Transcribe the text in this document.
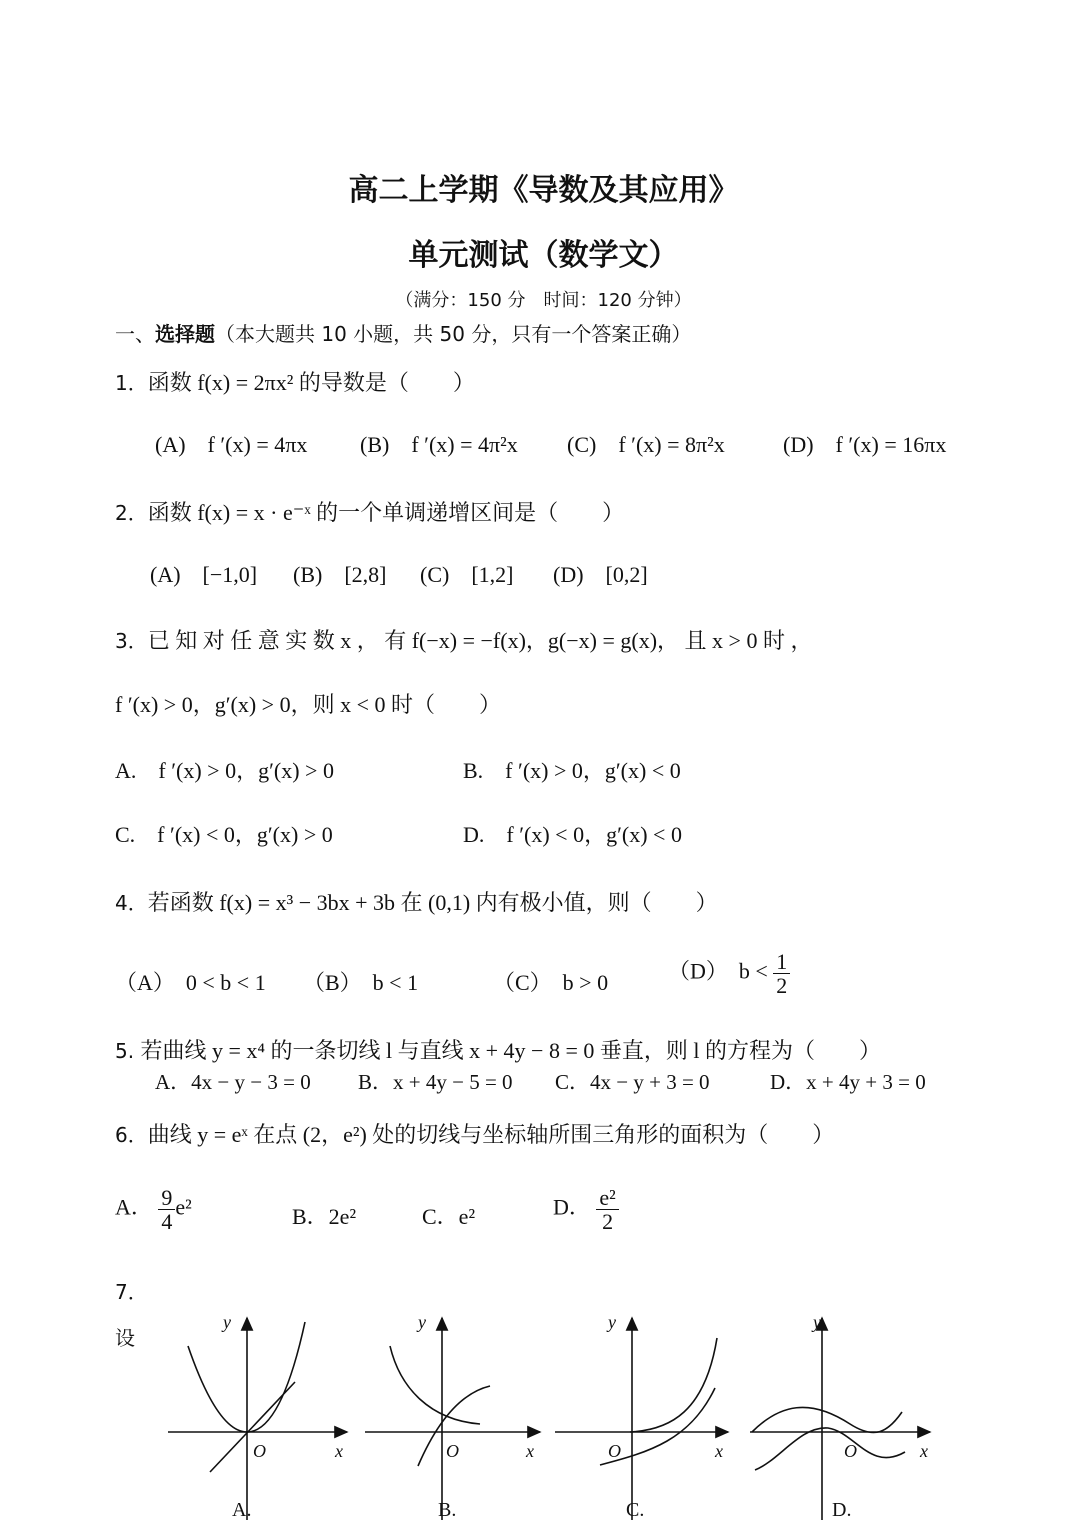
高二上学期《导数及其应用》
单元测试（数学文）
（满分：150 分　时间：120 分钟）
一、选择题（本大题共 10 小题，共 50 分，只有一个答案正确）
1．函数 f(x) = 2πx² 的导数是（　　）
(A)　f ′(x) = 4πx (B)　f ′(x) = 4π²x (C)　f ′(x) = 8π²x	(D)　f ′(x) = 16πx
2．函数 f(x) = x · e⁻ˣ 的一个单调递增区间是（　　）
(A)　[−1,0] (B)　[2,8] (C)　[1,2] (D)　[0,2]
3．已 知 对 任 意 实 数 x ， 有 f(−x) = −f(x)，g(−x) = g(x)， 且 x > 0 时 ，
f ′(x) > 0，g′(x) > 0，则 x < 0 时（　　）
A.　f ′(x) > 0，g′(x) > 0	B.　f ′(x) > 0，g′(x) < 0
C.　f ′(x) < 0，g′(x) > 0	D.　f ′(x) < 0，g′(x) < 0
4．若函数 f(x) = x³ − 3bx + 3b 在 (0,1) 内有极小值，则（　　）
（A）　0 < b < 1 （B）　b < 1	（C）　b > 0	（D）　$b < \frac{1}{2}$
5. 若曲线 y = x⁴ 的一条切线 l 与直线 x + 4y − 8 = 0 垂直，则 l 的方程为（　　）
A．4x − y − 3 = 0 B．x + 4y − 5 = 0 C．4x − y + 3 = 0	D．x + 4y + 3 = 0
6．曲线 y = eˣ 在点 (2，e²) 处的切线与坐标轴所围三角形的面积为（　　）
A． $\frac{9}{4} e^2$	B．2e²	C．e²	D． $\frac{\text{e²}}{2}$
7．
设
y
O	x
y
O	x
y
O	x
y
O	x
A.	B.	C.	D.
